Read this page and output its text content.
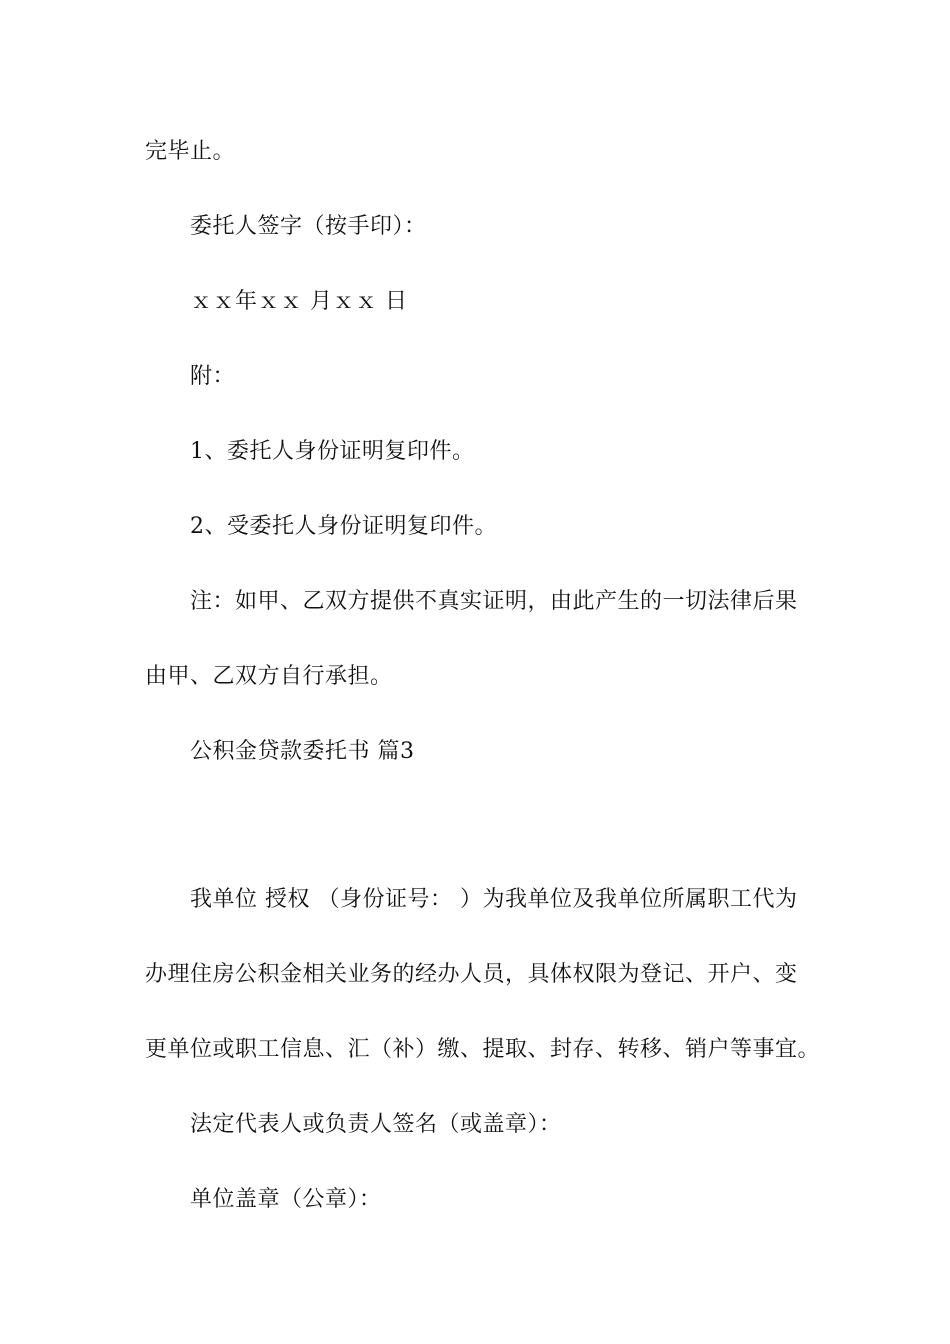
完毕止。
委托人签字（按手印）：
ｘｘ年ｘｘ 月ｘｘ 日
附：
1、委托人身份证明复印件。
2、受委托人身份证明复印件。
注：如甲、乙双方提供不真实证明，由此产生的一切法律后果
由甲、乙双方自行承担。
公积金贷款委托书 篇3
我单位 授权 （身份证号： ）为我单位及我单位所属职工代为
办理住房公积金相关业务的经办人员，具体权限为登记、开户、变
更单位或职工信息、汇（补）缴、提取、封存、转移、销户等事宜。
法定代表人或负责人签名（或盖章）：
单位盖章（公章）：
